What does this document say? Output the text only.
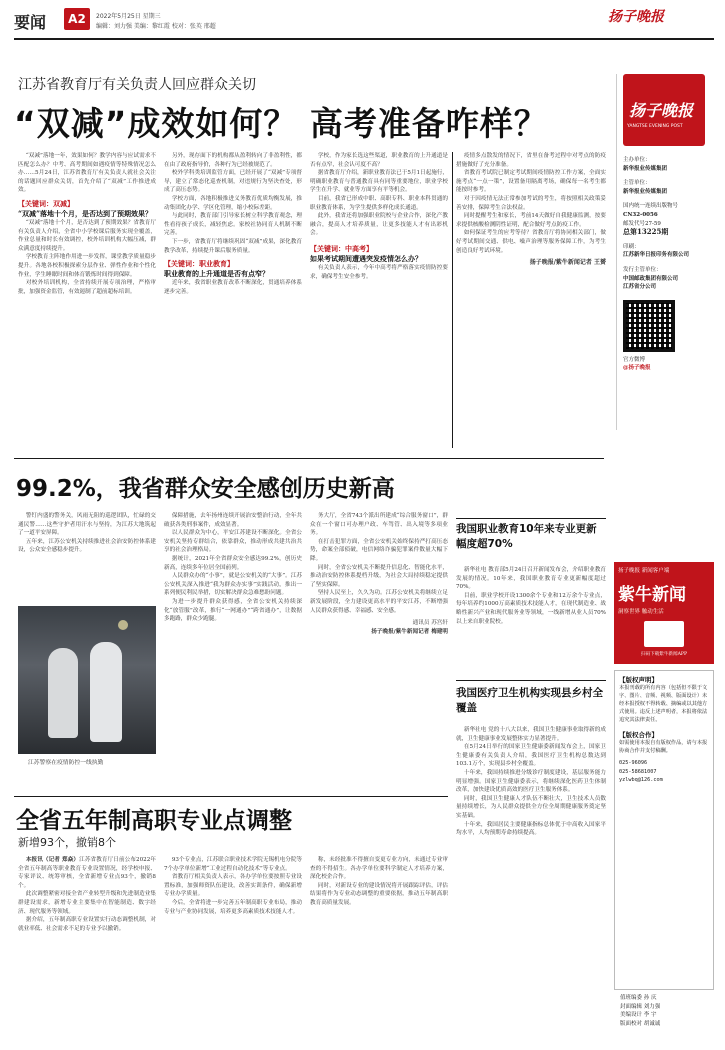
要闻	A2	2022年5月25日 星期三
编辑：刘力强 美编：黎红霞 校对：张英 邢超
扬子晚报
江苏省教育厅有关负责人回应群众关切
“双减”成效如何？ 高考准备咋样？

“双减”落地一年，效果如何？教学内容与应试需求不匹配怎么办？中考、高考期间如遇疫情等特殊情况怎么办……5月24日，江苏省教育厅有关负责人就社会关注的话题回应群众关切，首先介绍了“双减”工作推进成效。

【关键词：双减】
“双减”落地十个月，是否达到了预期效果？

“双减”落地十个月，是否达到了预期效果？省教育厅有关负责人介绍，全省中小学校课后服务实现全覆盖，作业总量和时长有效调控，校外培训机构大幅压减，群众满意度持续提升。

学校教育主阵地作用进一步发挥，课堂教学质量稳步提升。各地各校积极探索分层作业、弹性作业和个性化作业，学生睡眠时间和体育锻炼时间得到保障。

对校外培训机构，全省持续开展专项治理，严格审批，加强资金监管，有效遏制了超前超标培训。

另外，现存面下的机构都从盈利转向了非盈利性，都在由了政府指导价，各种行为已经被规范了。

校外学科类培训监管方面，已经开展了“双减”专项督导，建立了常态化巡查机制，对违规行为坚决查处，形成了高压态势。

学校方面，各地积极推进义务教育优质均衡发展，推动集团化办学、学区化管理，缩小校际差距。

与此同时，教育部门引导家长树立科学教育观念，理性看待孩子成长，减轻焦虑。家校社协同育人机制不断完善。

下一步，省教育厅将继续巩固“双减”成果，深化教育教学改革，持续提升课后服务质量。

【关键词：职业教育】
职业教育的上升通道是否有点窄？

近年来，我省职业教育改革不断深化，贯通培养体系逐步完善。

学校，作为家长选这些渠道，职业教育的上升通道是否有点窄，社会认可度不高？

据省教育厅介绍，新职业教育法已于5月1日起施行，明确职业教育与普通教育具有同等重要地位，职业学校学生在升学、就业等方面享有平等机会。

目前，我省已形成中职、高职专科、职业本科贯通的职业教育体系，为学生提供多样化成长通道。

此外，我省还将加强职业院校与企业合作，深化产教融合，提高人才培养质量，让更多技能人才有出彩机会。

【关键词：中高考】
如果考试期间遭遇突发疫情怎么办？

有关负责人表示，今年中高考将严格落实疫情防控要求，确保考生安全参考。

疫情多点散发的情况下，省里在备考过程中对考点的防疫措施做好了充分准备。

省教育考试院已制定考试期间疫情防控工作方案，全面实施考点“一点一策”，设置备用隔离考场，确保每一名考生都能按时参考。

对于因疫情无法正常参加考试的考生，将按照相关政策妥善安排，保障考生合法权益。

同时提醒考生和家长，考前14天做好自我健康监测，按要求提供核酸检测阴性证明，配合做好考点防疫工作。

如何保证考生的应考等待？省教育厅将协同相关部门，做好考试期间交通、供电、噪声治理等服务保障工作，为考生创造良好考试环境。

扬子晚报/紫牛新闻记者 王赟
扬子晚报
YANGTSE EVENING POST
主办单位：
新华报业传媒集团
主管单位：
新华报业传媒集团
国内统一连续出版物号
CN32-0056
邮发代号27-59
总第13225期
印刷：
江苏新华日报印务有限公司
发行主管单位：
中国邮政集团有限公司
江苏省分公司
官方微博
@扬子晚报
99.2%，我省群众安全感创历史新高

警钉内盛的警务关，风雨无阻的巡逻团队，忙碌的交通民警……这些守护者用汗水与坚持，为江苏大地筑起了一道平安屏障。

五年来，江苏公安机关持续推进社会治安防控体系建设，公众安全感稳步提升。

江苏警察在疫情防控一线执勤

保障措施，去年扬州连续开展治安整治行动，全年共破获各类刑事案件，成效显著。

以人民群众为中心，平安江苏建设不断深化。全省公安机关坚持专群结合，依靠群众，推动形成共建共治共享的社会治理格局。

据统计，2021年全省群众安全感达99.2%，创历史新高，连续多年位居全国前列。

人民群众办的“小事”，就是公安机关的“大事”。江苏公安机关深入推进“我为群众办实事”实践活动，推出一系列便民利民举措，切实解决群众急难愁盼问题。

为进一步提升群众获得感，全省公安机关持续深化“放管服”改革，推行“一网通办”“跨省通办”，让数据多跑路，群众少跑腿。

务大厅，全省743个派出所建成“综合服务窗口”，群众在一个窗口可办理户政、车驾管、出入境等多项业务。

在打击犯罪方面，全省公安机关始终保持严打高压态势，命案全部侦破，电信网络诈骗犯罪案件数量大幅下降。

同时，全省公安机关不断提升信息化、智能化水平，推动治安防控体系提档升级，为社会大局持续稳定提供了坚实保障。

坚持人民至上，久久为功。江苏公安机关将继续立足新发展阶段，全力建设更高水平的平安江苏，不断增强人民群众获得感、幸福感、安全感。

通讯员 苏宫轩
扬子晚报/紫牛新闻记者 梅建明
我国职业教育10年来专业更新幅度超70%

新华社电 教育部5月24日召开新闻发布会，介绍职业教育发展的情况。10年来，我国职业教育专业更新幅度超过70%。

目前，职业学校开设1300余个专业和12万余个专业点，每年培养约1000万高素质技术技能人才，在现代制造业、战略性新兴产业和现代服务业等领域，一线新增从业人员70%以上来自职业院校。

扬子晚报 新闻客户端
紫牛新闻
洞察世界 触动生活
扫码下载紫牛新闻APP
我国医疗卫生机构实现县乡村全覆盖

新华社电 党的十八大以来，我国卫生健康事业取得新的成就，卫生健康事业发展整体实力显著提升。

在5月24日举行的国家卫生健康委新闻发布会上，国家卫生健康委有关负责人介绍，我国医疗卫生机构总数达到103.1万个，实现县乡村全覆盖。

十年来，我国持续推进分级诊疗制度建设，基层服务能力明显增强。国家卫生健康委表示，将继续深化医药卫生体制改革，加快建设优质高效的医疗卫生服务体系。

同时，我国卫生健康人才队伍不断壮大，卫生技术人员数量持续增长，为人民群众提供全方位全周期健康服务奠定坚实基础。

十年来，我国居民主要健康指标总体优于中高收入国家平均水平，人均预期寿命持续提高。

【版权声明】
本报刊载的所有内容（包括但不限于文字、图片、音频、视频、版面设计）未经本报授权不得转载、摘编或以其他方式使用。违反上述声明者，本报将依法追究其法律责任。
【版权合作】
如需使用本报自有版权作品，请与本报协商合作并支付稿酬。
025-96096
025-58681007
yzlwbq@126.com
值班编委 孙 庆
封面编辑 刘力强
美编设计 李 宇
版面校对 胡诚诚
全省五年制高职专业点调整
新增93个，撤销8个

本报讯（记者 郑焱）江苏省教育厅日前公布2022年全省五年制高等职业教育专业设置情况，经学校申报、专家评议、统筹审核，全省新增专业点93个，撤销8个。

此次调整紧密对接全省产业转型升级和先进制造业集群建设需求，新增专业主要集中在智能制造、数字经济、现代服务等领域。

据介绍，五年制高职专业设置实行动态调整机制，对就业率低、社会需求不足的专业予以撤销。

93个专业点，江苏联合职业技术学院无锡机电分院等7个办学单位新增“工业过程自动化技术”等专业点。

省教育厅相关负责人表示，各办学单位要按照专业设置标准，加强师资队伍建设，改善实训条件，确保新增专业办学质量。

今后，全省将进一步完善五年制高职专业布局，推动专业与产业协同发展，培养更多高素质技术技能人才。

称，未经批准不得擅自变更专业方向，未通过专业审查的不得招生。各办学单位要科学制定人才培养方案，深化校企合作。

同时，对新设专业的建设情况将开展跟踪评估，评估结果将作为专业动态调整的重要依据，推动五年制高职教育高质量发展。
